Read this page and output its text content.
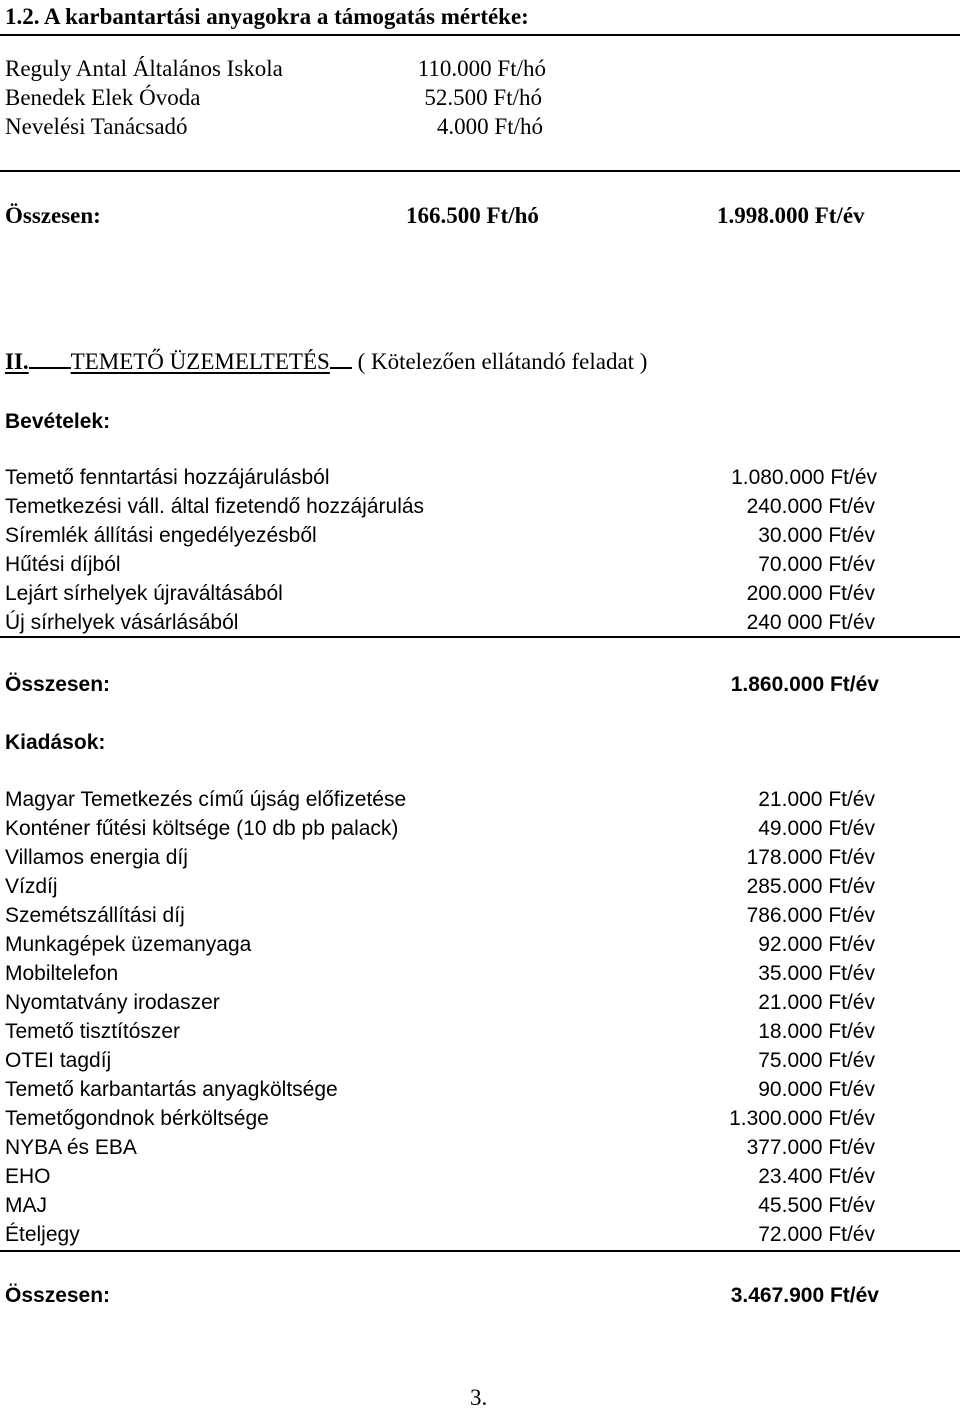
1.2. A karbantartási anyagokra a támogatás mértéke:
Reguly Antal Általános Iskola	110.000 Ft/hó
Benedek Elek Óvoda	52.500 Ft/hó
Nevelési Tanácsadó	4.000 Ft/hó
Összesen:	166.500 Ft/hó	1.998.000 Ft/év
II. TEMETŐ ÜZEMELTETÉS ( Kötelezően ellátandó feladat )
Bevételek:
Temető fenntartási hozzájárulásból	1.080.000 Ft/év
Temetkezési váll. által fizetendő hozzájárulás	240.000 Ft/év
Síremlék állítási engedélyezésből	30.000 Ft/év
Hűtési díjból	70.000 Ft/év
Lejárt sírhelyek újraváltásából	200.000 Ft/év
Új sírhelyek vásárlásából	240 000 Ft/év
Összesen:	1.860.000 Ft/év
Kiadások:
Magyar Temetkezés című újság előfizetése	21.000 Ft/év
Konténer fűtési költsége (10 db pb palack)	49.000 Ft/év
Villamos energia díj	178.000 Ft/év
Vízdíj	285.000 Ft/év
Szemétszállítási díj	786.000 Ft/év
Munkagépek üzemanyaga	92.000 Ft/év
Mobiltelefon	35.000 Ft/év
Nyomtatvány irodaszer	21.000 Ft/év
Temető tisztítószer	18.000 Ft/év
OTEI tagdíj	75.000 Ft/év
Temető karbantartás anyagköltsége	90.000 Ft/év
Temetőgondnok bérköltsége	1.300.000 Ft/év
NYBA és EBA	377.000 Ft/év
EHO	23.400 Ft/év
MAJ	45.500 Ft/év
Ételjegy	72.000 Ft/év
Összesen:	3.467.900 Ft/év
3.
